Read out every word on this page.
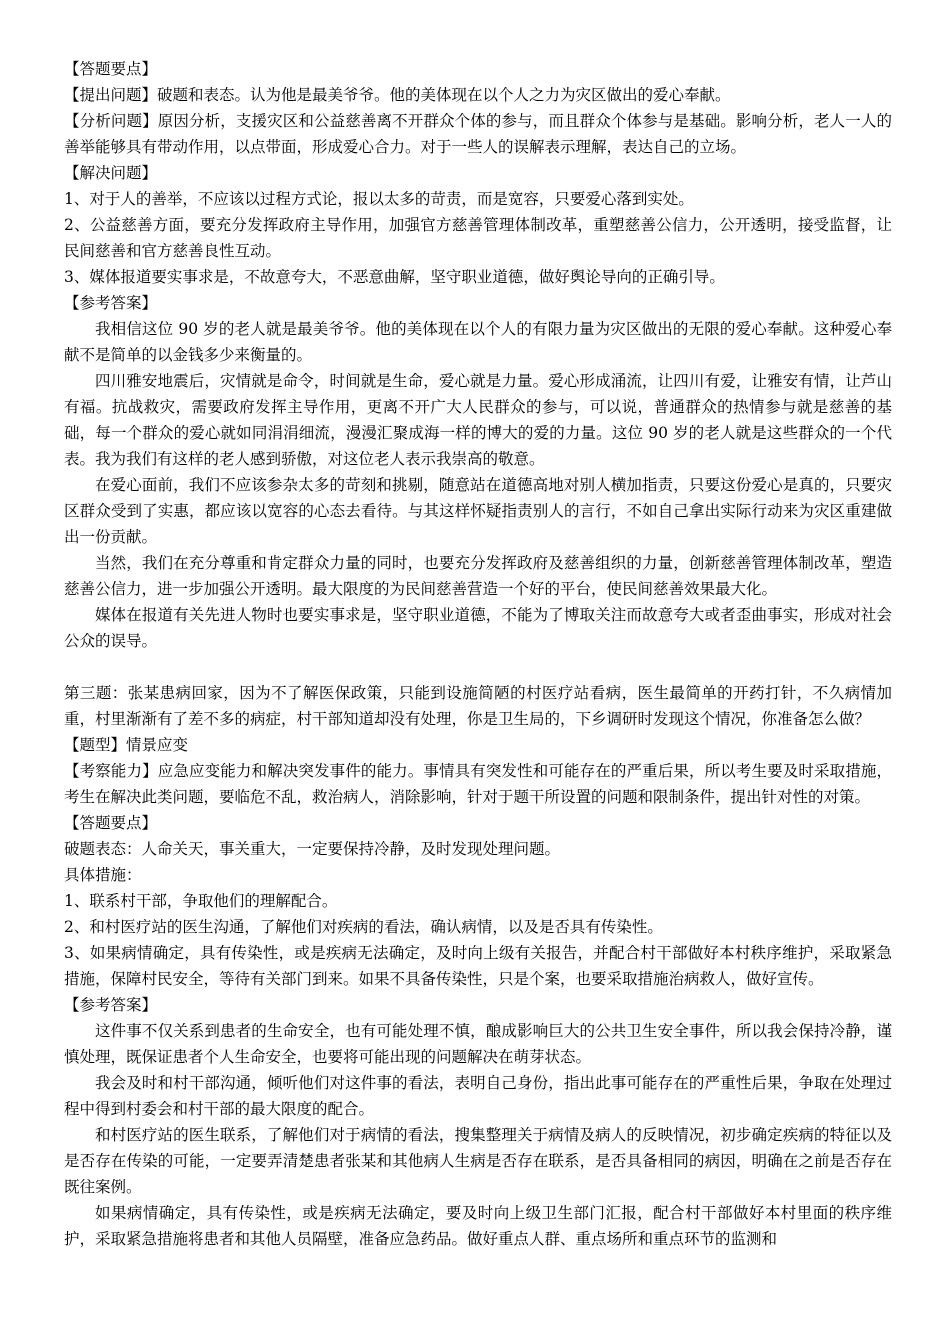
【答题要点】

【提出问题】破题和表态。认为他是最美爷爷。他的美体现在以个人之力为灾区做出的爱心奉献。

【分析问题】原因分析，支援灾区和公益慈善离不开群众个体的参与，而且群众个体参与是基础。影响分析，老人一人的善举能够具有带动作用，以点带面，形成爱心合力。对于一些人的误解表示理解，表达自己的立场。

【解决问题】

1、对于人的善举，不应该以过程方式论，报以太多的苛责，而是宽容，只要爱心落到实处。

2、公益慈善方面，要充分发挥政府主导作用，加强官方慈善管理体制改革，重塑慈善公信力，公开透明，接受监督，让民间慈善和官方慈善良性互动。

3、媒体报道要实事求是，不故意夸大，不恶意曲解，坚守职业道德，做好舆论导向的正确引导。

【参考答案】

我相信这位 90 岁的老人就是最美爷爷。他的美体现在以个人的有限力量为灾区做出的无限的爱心奉献。这种爱心奉献不是简单的以金钱多少来衡量的。

四川雅安地震后，灾情就是命令，时间就是生命，爱心就是力量。爱心形成涌流，让四川有爱，让雅安有情，让芦山有福。抗战救灾，需要政府发挥主导作用，更离不开广大人民群众的参与，可以说，普通群众的热情参与就是慈善的基础，每一个群众的爱心就如同涓涓细流，漫漫汇聚成海一样的博大的爱的力量。这位 90 岁的老人就是这些群众的一个代表。我为我们有这样的老人感到骄傲，对这位老人表示我崇高的敬意。

在爱心面前，我们不应该参杂太多的苛刻和挑剔，随意站在道德高地对别人横加指责，只要这份爱心是真的，只要灾区群众受到了实惠，都应该以宽容的心态去看待。与其这样怀疑指责别人的言行，不如自己拿出实际行动来为灾区重建做出一份贡献。

当然，我们在充分尊重和肯定群众力量的同时，也要充分发挥政府及慈善组织的力量，创新慈善管理体制改革，塑造慈善公信力，进一步加强公开透明。最大限度的为民间慈善营造一个好的平台，使民间慈善效果最大化。

媒体在报道有关先进人物时也要实事求是，坚守职业道德，不能为了博取关注而故意夸大或者歪曲事实，形成对社会公众的误导。

第三题：张某患病回家，因为不了解医保政策，只能到设施简陋的村医疗站看病，医生最简单的开药打针，不久病情加重，村里渐渐有了差不多的病症，村干部知道却没有处理，你是卫生局的，下乡调研时发现这个情况，你准备怎么做？

【题型】情景应变

【考察能力】应急应变能力和解决突发事件的能力。事情具有突发性和可能存在的严重后果，所以考生要及时采取措施，考生在解决此类问题，要临危不乱，救治病人，消除影响，针对于题干所设置的问题和限制条件，提出针对性的对策。

【答题要点】

破题表态：人命关天，事关重大，一定要保持冷静，及时发现处理问题。

具体措施：

1、联系村干部，争取他们的理解配合。

2、和村医疗站的医生沟通，了解他们对疾病的看法，确认病情，以及是否具有传染性。

3、如果病情确定，具有传染性，或是疾病无法确定，及时向上级有关报告，并配合村干部做好本村秩序维护，采取紧急措施，保障村民安全，等待有关部门到来。如果不具备传染性，只是个案，也要采取措施治病救人，做好宣传。

【参考答案】

这件事不仅关系到患者的生命安全，也有可能处理不慎，酿成影响巨大的公共卫生安全事件，所以我会保持冷静，谨慎处理，既保证患者个人生命安全，也要将可能出现的问题解决在萌芽状态。

我会及时和村干部沟通，倾听他们对这件事的看法，表明自己身份，指出此事可能存在的严重性后果，争取在处理过程中得到村委会和村干部的最大限度的配合。

和村医疗站的医生联系，了解他们对于病情的看法，搜集整理关于病情及病人的反映情况，初步确定疾病的特征以及是否存在传染的可能，一定要弄清楚患者张某和其他病人生病是否存在联系，是否具备相同的病因，明确在之前是否存在既往案例。

如果病情确定，具有传染性，或是疾病无法确定，要及时向上级卫生部门汇报，配合村干部做好本村里面的秩序维护，采取紧急措施将患者和其他人员隔壁，准备应急药品。做好重点人群、重点场所和重点环节的监测和
